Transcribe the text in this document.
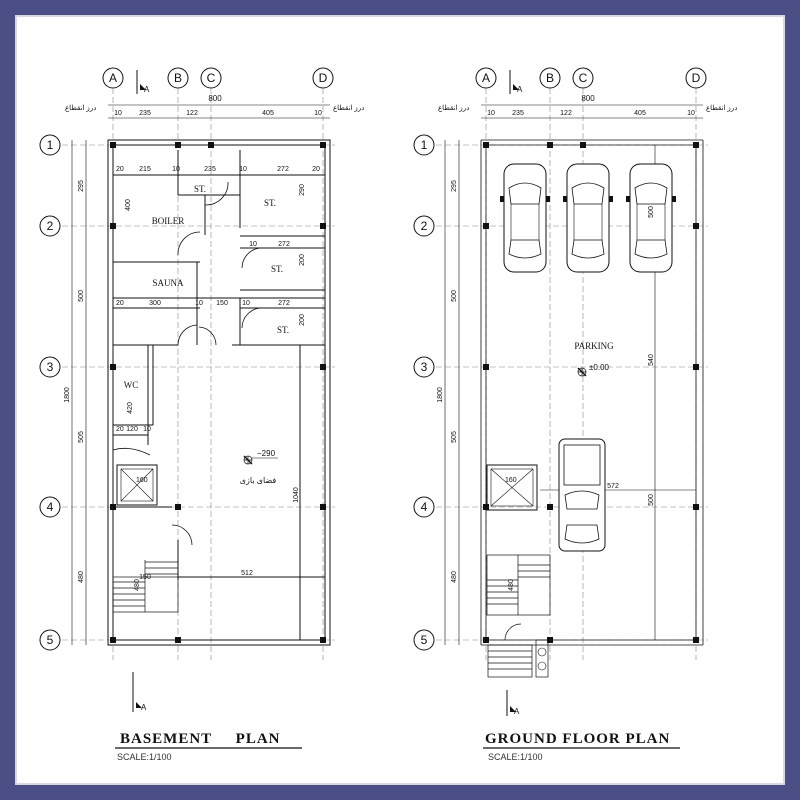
A	B C	D
A
800
10 235	122	405	10
درز انقطاع	درز انقطاع
1
2
3
4
5
1800
295
500
505
480
ST.
ST.
ST.
ST.
BOILER
SAUNA
WC
فضای بازی
−290
20 215	10	235	10	272	20
10	272
20	300	10 150 10	272
20 120 10
400
290
200
200
420
1040
480
512
150
160
A
BASEMENT     PLAN
SCALE:1/100
A	B C	D
A
800
10 235	122	405	10
درز انقطاع	درز انقطاع
1
2
3
4
5
1800
295
500
505
480
PARKING
±0.00
540
500
500
572
160
480
A
GROUND FLOOR PLAN
SCALE:1/100
